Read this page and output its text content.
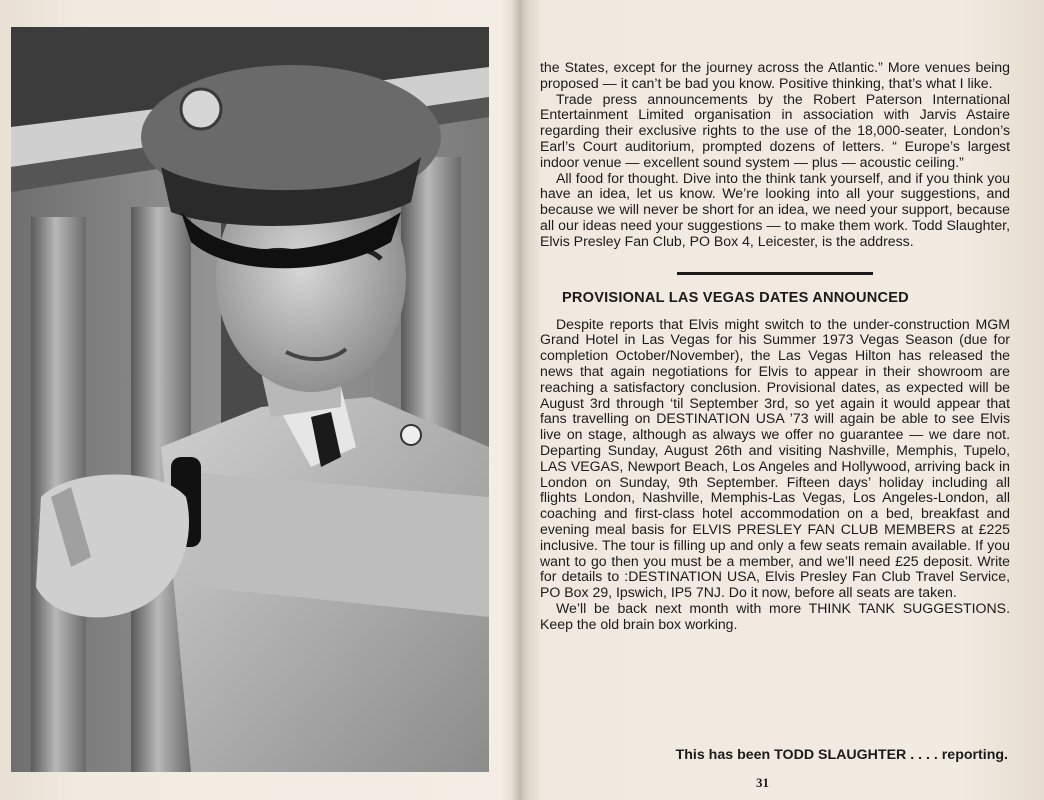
the States, except for the journey across the Atlantic.” More venues being proposed — it can’t be bad you know. Positive thinking, that’s what I like.

Trade press announcements by the Robert Paterson International Entertainment Limited organisation in association with Jarvis Astaire regarding their exclusive rights to the use of the 18,000-seater, London’s Earl’s Court auditorium, prompted dozens of letters. “ Europe’s largest indoor venue — excellent sound system — plus — acoustic ceiling.”

All food for thought. Dive into the think tank yourself, and if you think you have an idea, let us know. We’re looking into all your suggestions, and because we will never be short for an idea, we need your support, because all our ideas need your suggestions — to make them work. Todd Slaughter, Elvis Presley Fan Club, PO Box 4, Leicester, is the address.

PROVISIONAL LAS VEGAS DATES ANNOUNCED

Despite reports that Elvis might switch to the under-construction MGM Grand Hotel in Las Vegas for his Summer 1973 Vegas Season (due for completion October/November), the Las Vegas Hilton has released the news that again negotiations for Elvis to appear in their showroom are reaching a satisfactory conclusion. Provisional dates, as expected will be August 3rd through ‘til September 3rd, so yet again it would appear that fans travelling on DESTINATION USA ’73 will again be able to see Elvis live on stage, although as always we offer no guarantee — we dare not. Departing Sunday, August 26th and visiting Nashville, Memphis, Tupelo, LAS VEGAS, Newport Beach, Los Angeles and Hollywood, arriving back in London on Sunday, 9th September. Fifteen days’ holiday including all flights London, Nashville, Memphis-Las Vegas, Los Angeles-London, all coaching and first-class hotel accommodation on a bed, breakfast and evening meal basis for ELVIS PRESLEY FAN CLUB MEMBERS at £225 inclusive. The tour is filling up and only a few seats remain available. If you want to go then you must be a member, and we’ll need £25 deposit. Write for details to :DESTINATION USA, Elvis Presley Fan Club Travel Service, PO Box 29, Ipswich, IP5 7NJ. Do it now, before all seats are taken.

We’ll be back next month with more THINK TANK SUGGESTIONS. Keep the old brain box working.

This has been TODD SLAUGHTER . . . . reporting.
31
